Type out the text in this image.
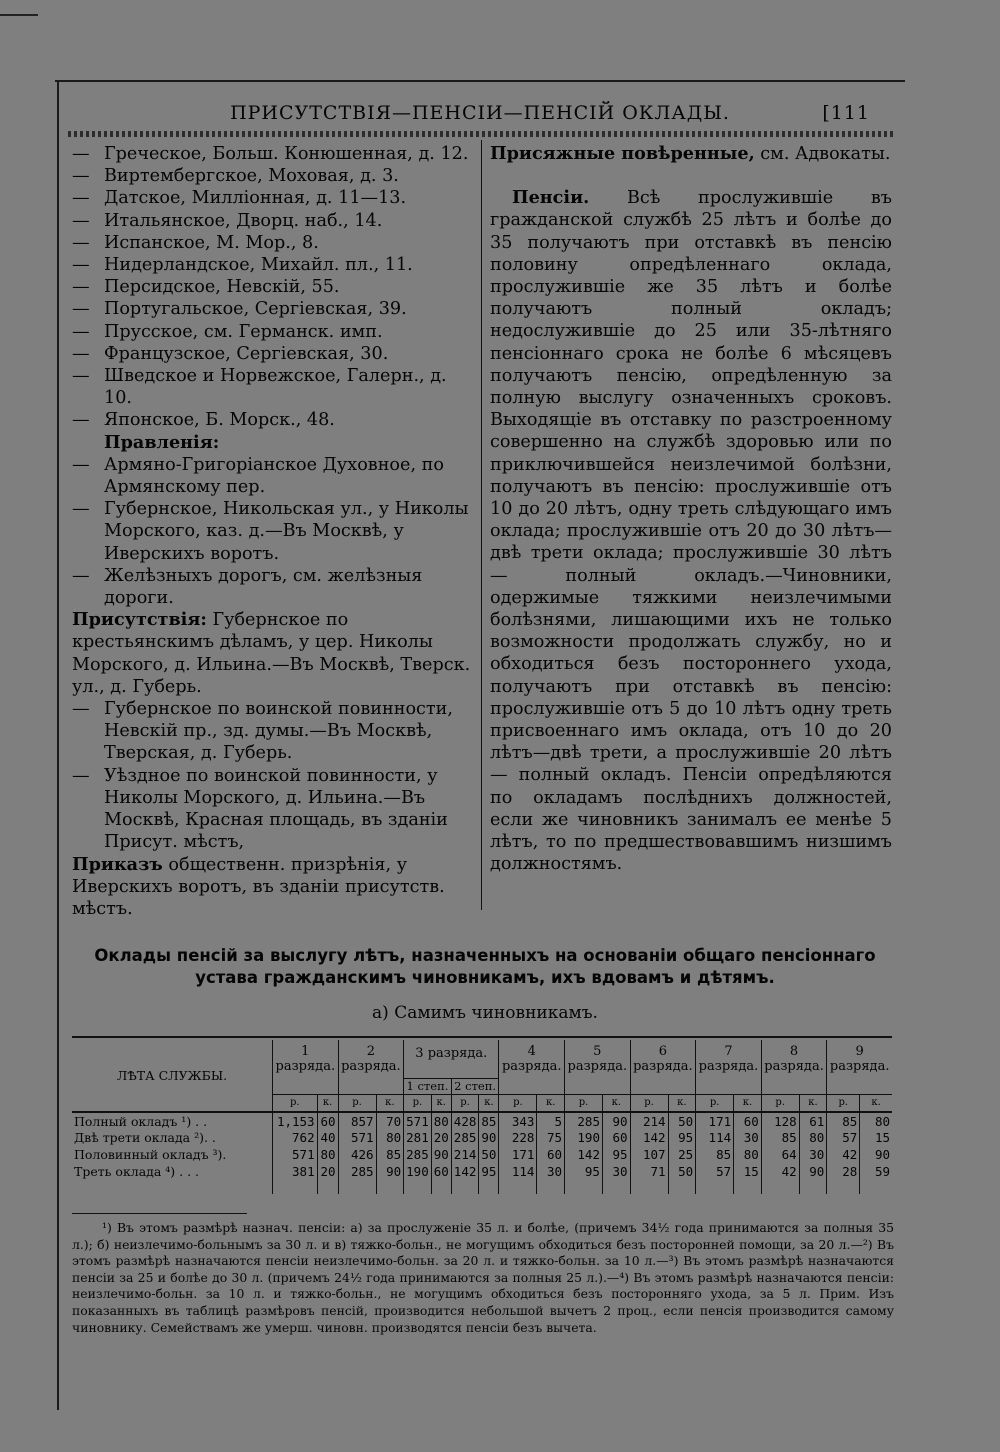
ПРИСУТСТВІЯ—ПЕНСІИ—ПЕНСІЙ ОКЛАДЫ.	[111
— Греческое, Больш. Конюшенная, д. 12.
— Виртембергское, Моховая, д. 3.
— Датское, Милліонная, д. 11—13.
— Итальянское, Дворц. наб., 14.
— Испанское, М. Мор., 8.
— Нидерландское, Михайл. пл., 11.
— Персидское, Невскій, 55.
— Португальское, Сергіевская, 39.
— Прусское, см. Германск. имп.
— Французское, Сергіевская, 30.
— Шведское и Норвежское, Галерн., д. 10.
— Японское, Б. Морск., 48.
Правленія:
— Армяно-Григоріанское Духовное, по Армянскому пер.
— Губернское, Никольская ул., у Николы Морского, каз. д.—Въ Москвѣ, у Иверскихъ воротъ.
— Желѣзныхъ дорогъ, см. желѣзныя дороги.
Присутствія: Губернское по крестьянскимъ дѣламъ, у цер. Николы Морского, д. Ильина.—Въ Москвѣ, Тверск. ул., д. Губерь.
— Губернское по воинской повинности, Невскій пр., зд. думы.—Въ Москвѣ, Тверская, д. Губерь.
— Уѣздное по воинской повинности, у Николы Морского, д. Ильина.—Въ Москвѣ, Красная площадь, въ зданіи Присут. мѣстъ,
Приказъ общественн. призрѣнія, у Иверскихъ воротъ, въ зданіи присутств. мѣстъ.
Присяжные повѣренные, см. Адвокаты.
Пенсіи. Всѣ прослужившіе въ гражданской службѣ 25 лѣтъ и болѣе до 35 получаютъ при отставкѣ въ пенсію половину опредѣленнаго оклада, прослужившіе же 35 лѣтъ и болѣе получаютъ полный окладъ; недослужившіе до 25 или 35-лѣтняго пенсіоннаго срока не болѣе 6 мѣсяцевъ получаютъ пенсію, опредѣленную за полную выслугу означенныхъ сроковъ. Выходящіе въ отставку по разстроенному совершенно на службѣ здоровью или по приключившейся неизлечимой болѣзни, получаютъ въ пенсію: прослужившіе отъ 10 до 20 лѣтъ, одну треть слѣдующаго имъ оклада; прослужившіе отъ 20 до 30 лѣтъ—двѣ трети оклада; прослужившіе 30 лѣтъ — полный окладъ.—Чиновники, одержимые тяжкими неизлечимыми болѣзнями, лишающими ихъ не только возможности продолжать службу, но и обходиться безъ постороннего ухода, получаютъ при отставкѣ въ пенсію: прослужившіе отъ 5 до 10 лѣтъ одну треть присвоеннаго имъ оклада, отъ 10 до 20 лѣтъ—двѣ трети, а прослужившіе 20 лѣтъ — полный окладъ. Пенсіи опредѣляются по окладамъ послѣднихъ должностей, если же чиновникъ занималъ ее менѣе 5 лѣтъ, то по предшествовавшимъ низшимъ должностямъ.
Оклады пенсій за выслугу лѣтъ, назначенныхъ на основаніи общаго пенсіоннаго устава гражданскимъ чиновникамъ, ихъ вдовамъ и дѣтямъ.
а) Самимъ чиновникамъ.
ЛѢТА СЛУЖБЫ.	1 разряда.		2 разряда.		3 разряда.				4 разряда.		5 разряда.		6 разряда.		7 разряда.		8 разряда.		9 разряда.	
					1 степ.		2 степ.													
	р.	к.	р.	к.	р.	к.	р.	к.	р.	к.	р.	к.	р.	к.	р.	к.	р.	к.	р.	к.
Полный окладъ ¹) . .	1,153	60	857	70	571	80	428	85	343	5	285	90	214	50	171	60	128	61	85	80
Двѣ трети оклада ²). .	762	40	571	80	281	20	285	90	228	75	190	60	142	95	114	30	85	80	57	15
Половинный окладъ ³).	571	80	426	85	285	90	214	50	171	60	142	95	107	25	85	80	64	30	42	90
Треть оклада ⁴) . . .	381	20	285	90	190	60	142	95	114	30	95	30	71	50	57	15	42	90	28	59

¹) Въ этомъ размѣрѣ назнач. пенсіи: а) за прослуженіе 35 л. и болѣе, (причемъ 34½ года принимаются за полныя 35 л.); б) неизлечимо-больнымъ за 30 л. и в) тяжко-больн., не могущимъ обходиться безъ посторонней помощи, за 20 л.—²) Въ этомъ размѣрѣ назначаются пенсіи неизлечимо-больн. за 20 л. и тяжко-больн. за 10 л.—³) Въ этомъ размѣрѣ назначаются пенсіи за 25 и болѣе до 30 л. (причемъ 24½ года принимаются за полныя 25 л.).—⁴) Въ этомъ размѣрѣ назначаются пенсіи: неизлечимо-больн. за 10 л. и тяжко-больн., не могущимъ обходиться безъ посторонняго ухода, за 5 л. Прим. Изъ показанныхъ въ таблицѣ размѣровъ пенсій, производится небольшой вычетъ 2 проц., если пенсія производится самому чиновнику. Семействамъ же умерш. чиновн. производятся пенсіи безъ вычета.
